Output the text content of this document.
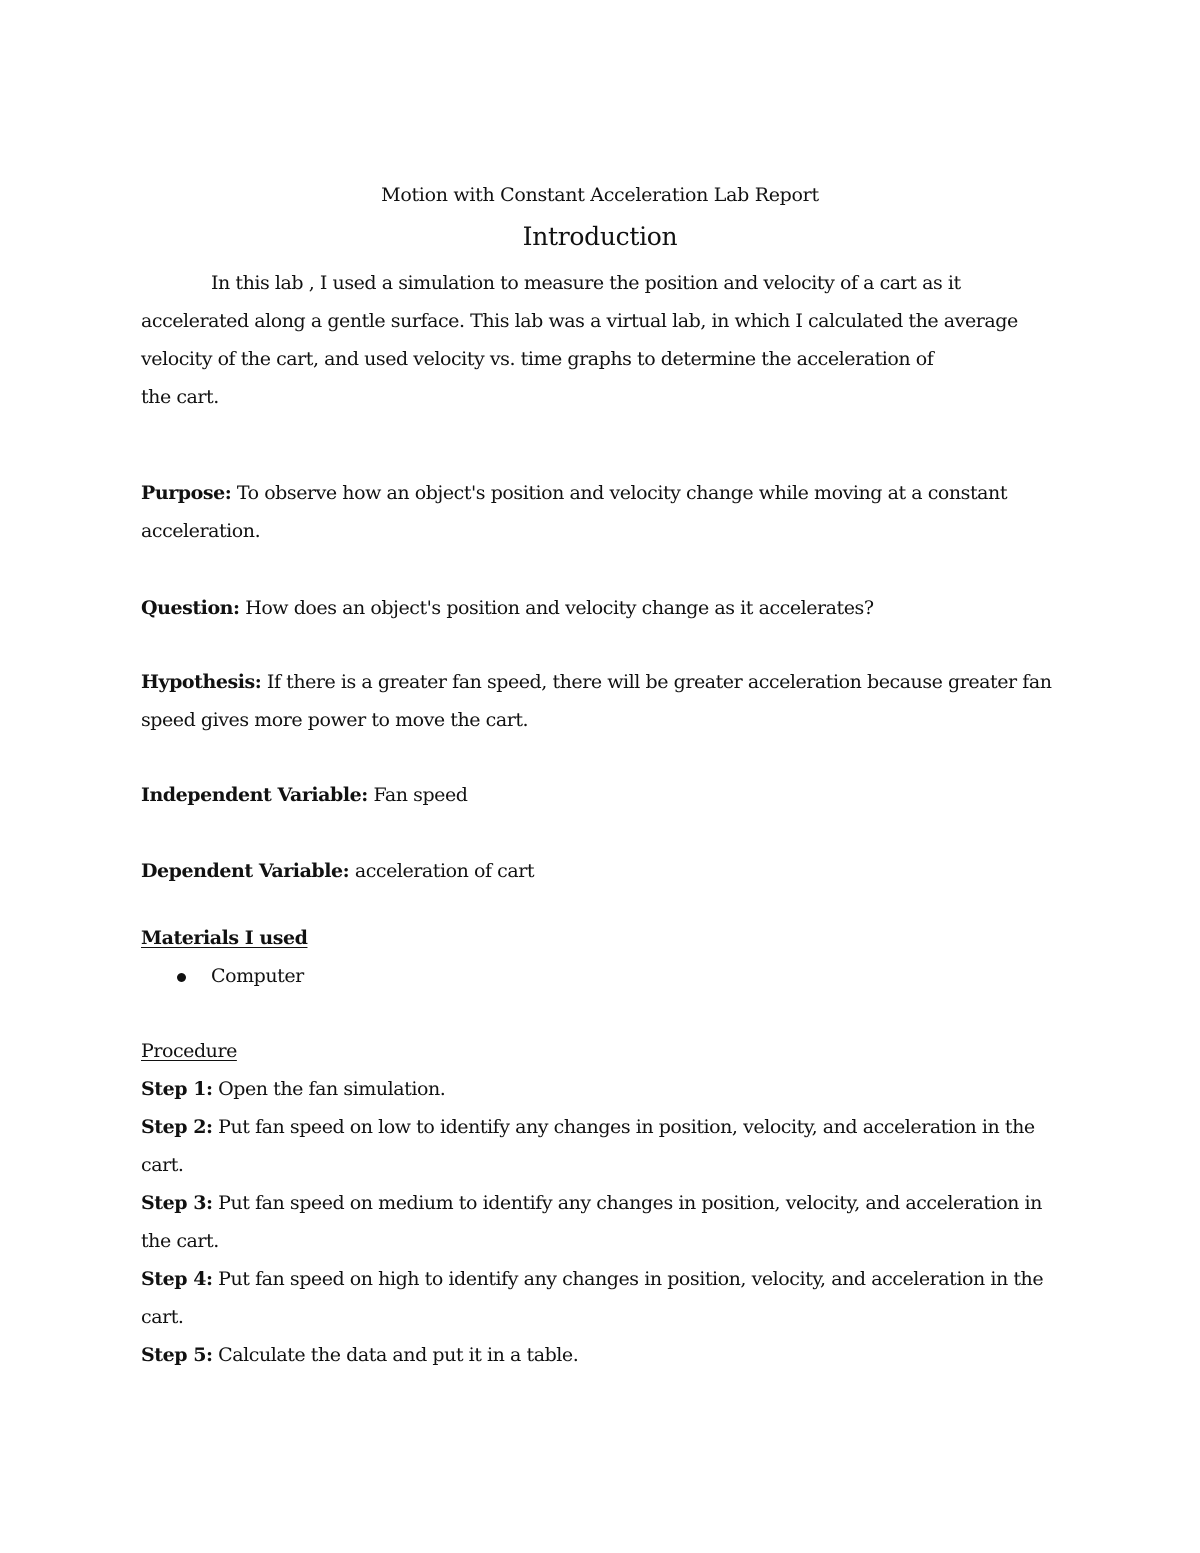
Motion with Constant Acceleration Lab Report
Introduction

In this lab , I used a simulation to measure the position and velocity of a cart as it
accelerated along a gentle surface. This lab was a virtual lab, in which I calculated the average
velocity of the cart, and used velocity vs. time graphs to determine the acceleration of
the cart.

Purpose: To observe how an object's position and velocity change while moving at a constant acceleration.

Question: How does an object's position and velocity change as it accelerates?

Hypothesis: If there is a greater fan speed, there will be greater acceleration because greater fan speed gives more power to move the cart.

Independent Variable: Fan speed

Dependent Variable: acceleration of cart

Materials I used

Computer

Procedure

Step 1: Open the fan simulation.
Step 2: Put fan speed on low to identify any changes in position, velocity, and acceleration in the cart.
Step 3: Put fan speed on medium to identify any changes in position, velocity, and acceleration in the cart.
Step 4: Put fan speed on high to identify any changes in position, velocity, and acceleration in the cart.
Step 5: Calculate the data and put it in a table.
